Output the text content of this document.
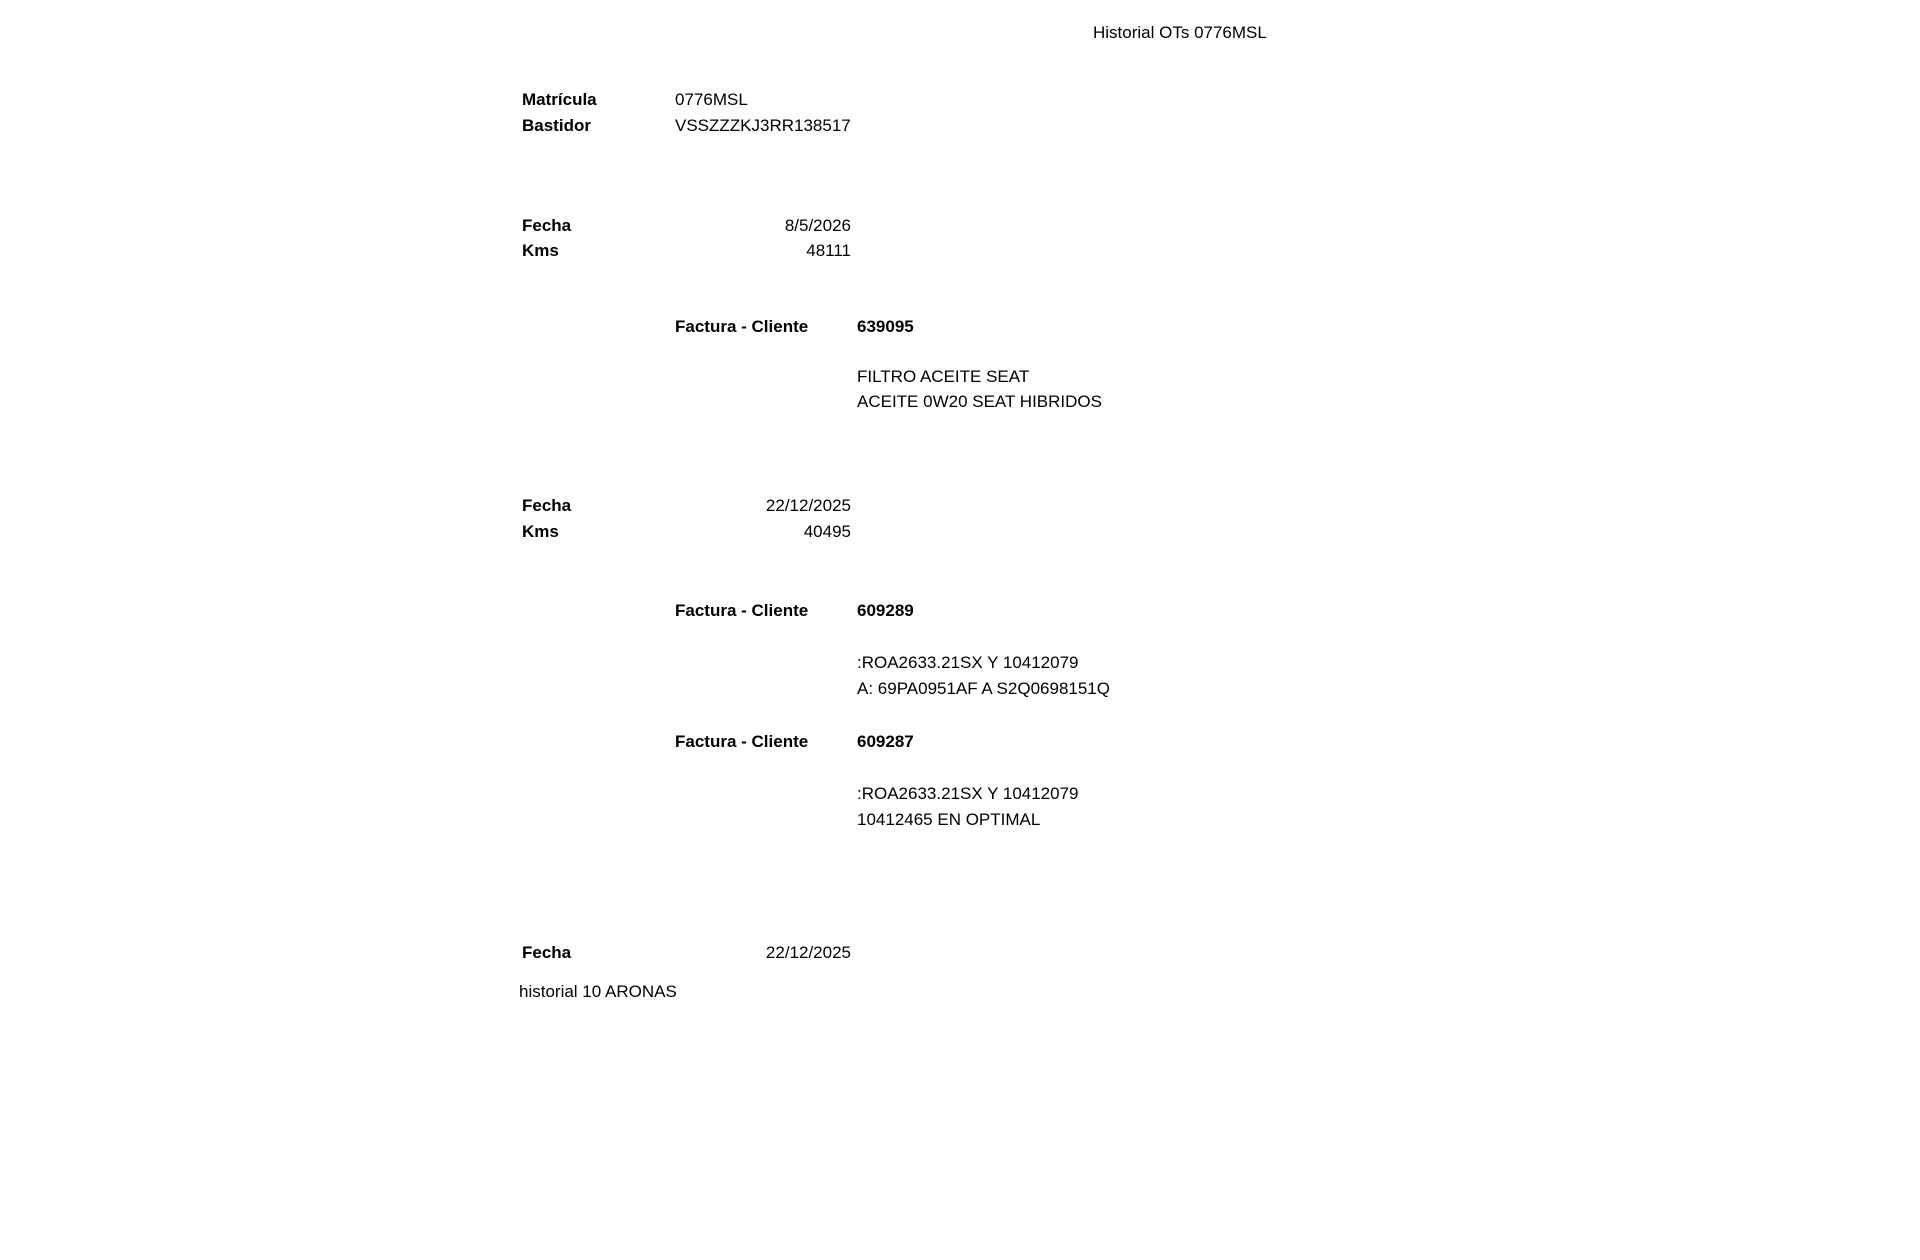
Historial OTs 0776MSL
Matrícula	0776MSL
Bastidor	VSSZZZKJ3RR138517
Fecha	8/5/2026
Kms	48111
Factura - Cliente	639095
FILTRO ACEITE SEAT
ACEITE 0W20 SEAT HIBRIDOS
Fecha	22/12/2025
Kms	40495
Factura - Cliente	609289
:ROA2633.21SX Y 10412079
A: 69PA0951AF A S2Q0698151Q
Factura - Cliente	609287
:ROA2633.21SX Y 10412079
10412465 EN OPTIMAL
Fecha	22/12/2025
historial 10 ARONAS
